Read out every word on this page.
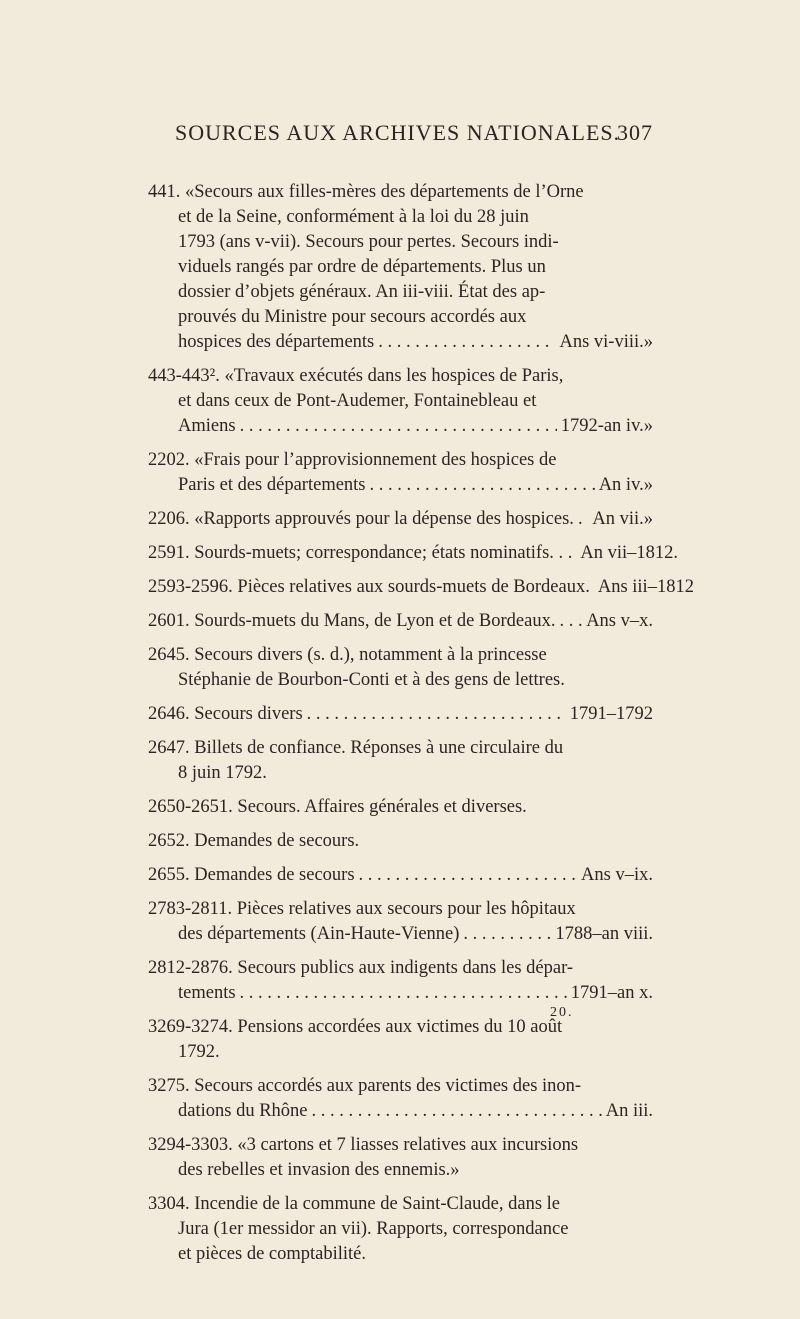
SOURCES AUX ARCHIVES NATIONALES.
307
441. «Secours aux filles-mères des départements de l’Orne
et de la Seine, conformément à la loi du 28 juin
1793 (ans v-vii). Secours pour pertes. Secours indi-
viduels rangés par ordre de départements. Plus un
dossier d’objets généraux. An iii-viii. État des ap-
prouvés du Ministre pour secours accordés aux
hospices des départements . . .	Ans vi-viii.»
443-443². «Travaux exécutés dans les hospices de Paris,
et dans ceux de Pont-Audemer, Fontainebleau et
Amiens . . .	1792-an iv.»
2202. «Frais pour l’approvisionnement des hospices de
Paris et des départements . . .	An iv.»
2206. «Rapports approuvés pour la dépense des hospices. . . . An vii.»
2591. Sourds-muets; correspondance; états nominatifs. . . An vii–1812.
2593-2596. Pièces relatives aux sourds-muets de Bordeaux. Ans iii–1812
2601. Sourds-muets du Mans, de Lyon et de Bordeaux. . . . Ans v–x.
2645. Secours divers (s. d.), notamment à la princesse
Stéphanie de Bourbon-Conti et à des gens de lettres.
2646. Secours divers . . .	1791–1792
2647. Billets de confiance. Réponses à une circulaire du
8 juin 1792.
2650-2651. Secours. Affaires générales et diverses.
2652. Demandes de secours.
2655. Demandes de secours . . .	Ans v–ix.
2783-2811. Pièces relatives aux secours pour les hôpitaux
des départements (Ain-Haute-Vienne) . . .	1788–an viii.
2812-2876. Secours publics aux indigents dans les dépar-
tements . . .	1791–an x.
3269-3274. Pensions accordées aux victimes du 10 août
1792.
3275. Secours accordés aux parents des victimes des inon-
dations du Rhône . . .	An iii.
3294-3303. «3 cartons et 7 liasses relatives aux incursions
des rebelles et invasion des ennemis.»
3304. Incendie de la commune de Saint-Claude, dans le
Jura (1er messidor an vii). Rapports, correspondance
et pièces de comptabilité.
20.
